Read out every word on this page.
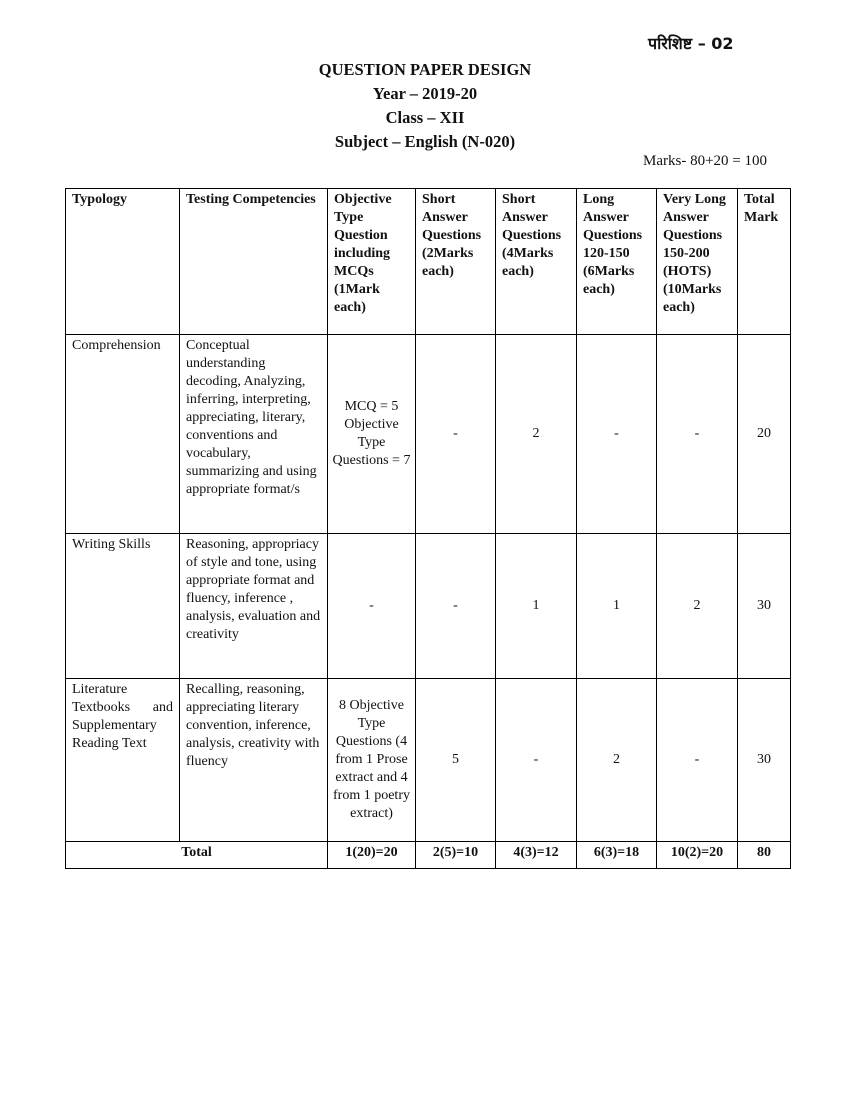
परिशिष्ट – 02
QUESTION PAPER DESIGN
Year – 2019-20
Class – XII
Subject – English (N-020)
Marks- 80+20 = 100
Typology	Testing Competencies	Objective Type Question including MCQs (1Mark each)	Short Answer Questions (2Marks each)	Short Answer Questions (4Marks each)	Long Answer Questions 120-150 (6Marks each)	Very Long Answer Questions 150-200 (HOTS) (10Marks each)	Total Mark
Comprehension	Conceptual understanding decoding, Analyzing, inferring, interpreting, appreciating, literary, conventions and vocabulary, summarizing and using appropriate format/s	MCQ = 5 Objective Type Questions = 7	-	2	-	-	20
Writing Skills	Reasoning, appropriacy of style and tone, using appropriate format and fluency, inference , analysis, evaluation and creativity	-	-	1	1	2	30
Literature Textbooks and Supplementary Reading Text	Recalling, reasoning, appreciating literary convention, inference, analysis, creativity with fluency	8 Objective Type Questions (4 from 1 Prose extract and 4 from 1 poetry extract)	5	-	2	-	30
Total		1(20)=20	2(5)=10	4(3)=12	6(3)=18	10(2)=20	80
